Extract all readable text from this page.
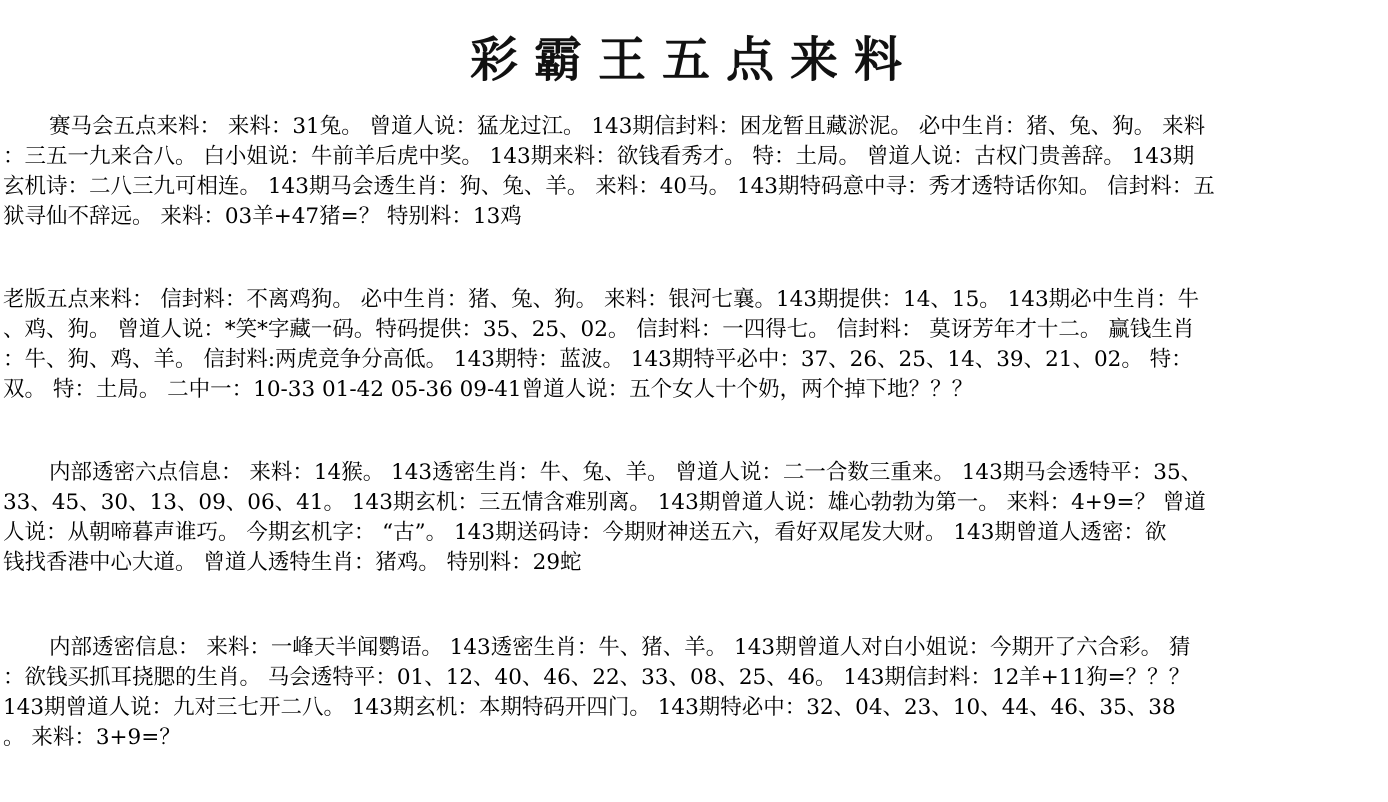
彩霸王五点来料
赛马会五点来料： 来料：31兔。 曾道人说：猛龙过江。 143期信封料：困龙暂且藏淤泥。 必中生肖：猪、兔、狗。 来料
：三五一九来合八。 白小姐说：牛前羊后虎中奖。 143期来料：欲钱看秀才。 特：土局。 曾道人说：古权门贵善辞。 143期
玄机诗：二八三九可相连。 143期马会透生肖：狗、兔、羊。 来料：40马。 143期特码意中寻：秀才透特话你知。 信封料：五
狱寻仙不辞远。 来料：03羊+47猪=？ 特别料：13鸡
老版五点来料： 信封料：不离鸡狗。 必中生肖：猪、兔、狗。 来料：银河七襄。143期提供：14、15。 143期必中生肖：牛
、鸡、狗。 曾道人说：*笑*字藏一码。特码提供：35、25、02。 信封料：一四得七。 信封料： 莫讶芳年才十二。 赢钱生肖
：牛、狗、鸡、羊。 信封料:两虎竞争分高低。 143期特：蓝波。 143期特平必中：37、26、25、14、39、21、02。 特：
双。 特：土局。 二中一：10-33 01-42 05-36 09-41曾道人说：五个女人十个奶，两个掉下地？？？
内部透密六点信息： 来料：14猴。 143透密生肖：牛、兔、羊。 曾道人说：二一合数三重来。 143期马会透特平：35、
33、45、30、13、09、06、41。 143期玄机：三五情含难别离。 143期曾道人说：雄心勃勃为第一。 来料：4+9=？ 曾道
人说：从朝啼暮声谁巧。 今期玄机字： “古”。 143期送码诗：今期财神送五六，看好双尾发大财。 143期曾道人透密：欲
钱找香港中心大道。 曾道人透特生肖：猪鸡。 特别料：29蛇
内部透密信息： 来料：一峰天半闻鹦语。 143透密生肖：牛、猪、羊。 143期曾道人对白小姐说：今期开了六合彩。 猜
：欲钱买抓耳挠腮的生肖。 马会透特平：01、12、40、46、22、33、08、25、46。 143期信封料：12羊+11狗=？？？
143期曾道人说：九对三七开二八。 143期玄机：本期特码开四门。 143期特必中：32、04、23、10、44、46、35、38
。 来料：3+9=？
